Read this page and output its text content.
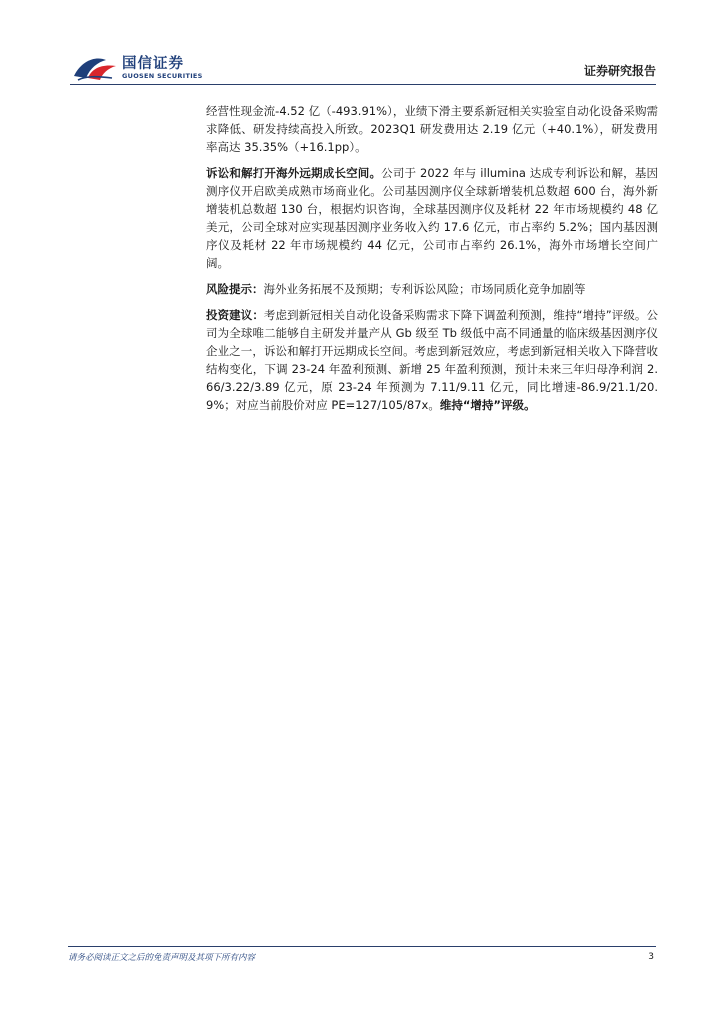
国信证券
GUOSEN SECURITIES	证券研究报告

经营性现金流-4.52 亿（-493.91%），业绩下滑主要系新冠相关实验室自动化设备采购需求降低、研发持续高投入所致。2023Q1 研发费用达 2.19 亿元（+40.1%），研发费用率高达 35.35%（+16.1pp）。

诉讼和解打开海外远期成长空间。公司于 2022 年与 illumina 达成专利诉讼和解，基因测序仪开启欧美成熟市场商业化。公司基因测序仪全球新增装机总数超 600 台，海外新增装机总数超 130 台，根据灼识咨询，全球基因测序仪及耗材 22 年市场规模约 48 亿美元，公司全球对应实现基因测序业务收入约 17.6 亿元，市占率约 5.2%；国内基因测序仪及耗材 22 年市场规模约 44 亿元，公司市占率约 26.1%，海外市场增长空间广阔。

风险提示：海外业务拓展不及预期；专利诉讼风险；市场同质化竞争加剧等

投资建议：考虑到新冠相关自动化设备采购需求下降下调盈利预测，维持“增持”评级。公司为全球唯二能够自主研发并量产从 Gb 级至 Tb 级低中高不同通量的临床级基因测序仪企业之一，诉讼和解打开远期成长空间。考虑到新冠效应，考虑到新冠相关收入下降营收结构变化，下调 23-24 年盈利预测、新增 25 年盈利预测，预计未来三年归母净利润 2.66/3.22/3.89 亿元，原 23-24 年预测为 7.11/9.11 亿元，同比增速-86.9/21.1/20.9%；对应当前股价对应 PE=127/105/87x。维持“增持”评级。

请务必阅读正文之后的免责声明及其项下所有内容	3
